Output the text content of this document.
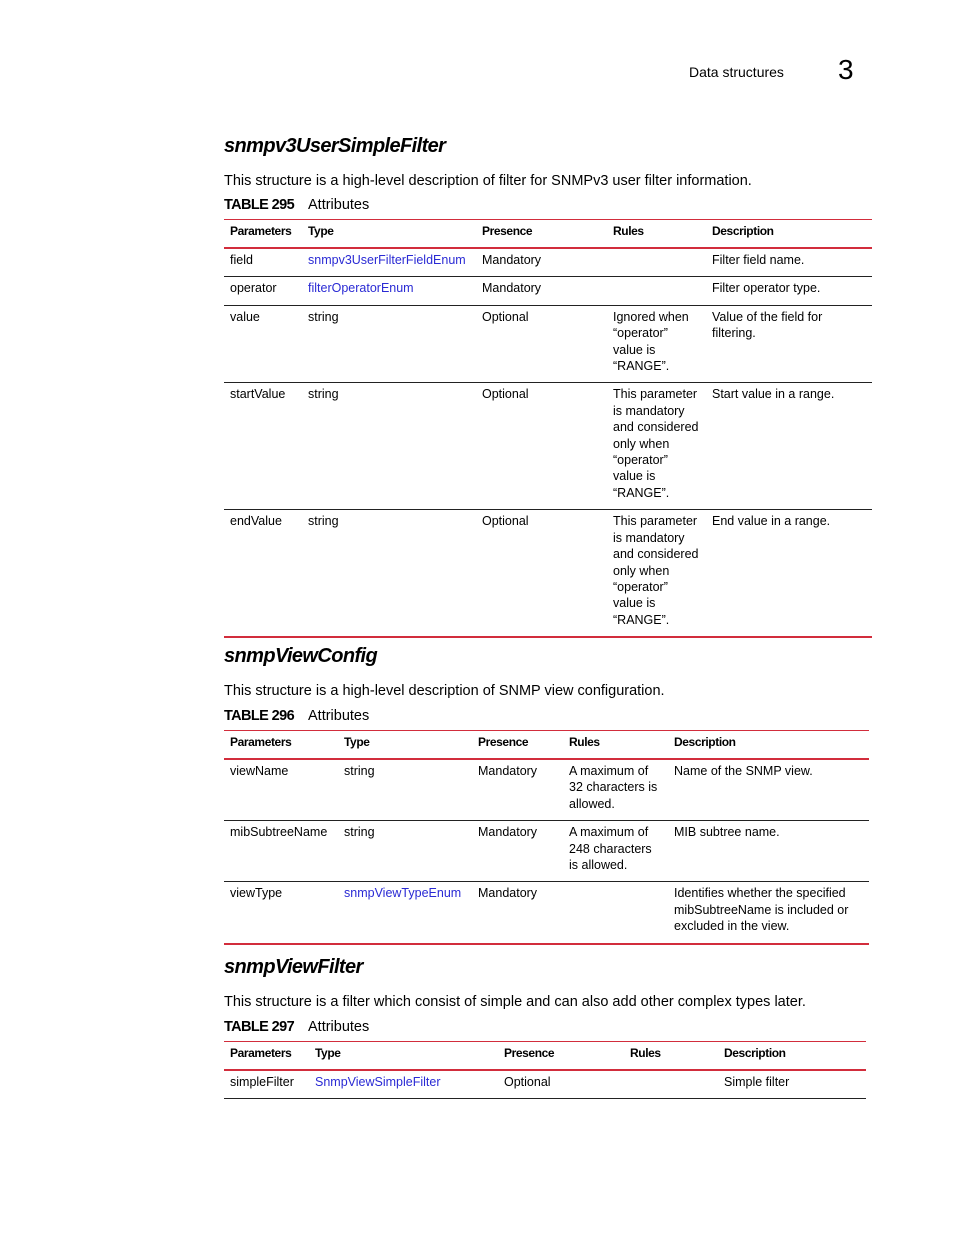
Data structures 3
snmpv3UserSimpleFilter

This structure is a high-level description of filter for SNMPv3 user filter information.

TABLE 295 Attributes
Parameters	Type	Presence	Rules	Description
field	snmpv3UserFilterFieldEnum	Mandatory		Filter field name.
operator	filterOperatorEnum	Mandatory		Filter operator type.
value	string	Optional	Ignored when “operator” value is “RANGE”.	Value of the field for filtering.
startValue	string	Optional	This parameter is mandatory and considered only when “operator” value is “RANGE”.	Start value in a range.
endValue	string	Optional	This parameter is mandatory and considered only when “operator” value is “RANGE”.	End value in a range.
snmpViewConfig

This structure is a high-level description of SNMP view configuration.

TABLE 296 Attributes
Parameters	Type	Presence	Rules	Description
viewName	string	Mandatory	A maximum of 32 characters is allowed.	Name of the SNMP view.
mibSubtreeName	string	Mandatory	A maximum of 248 characters is allowed.	MIB subtree name.
viewType	snmpViewTypeEnum	Mandatory		Identifies whether the specified mibSubtreeName is included or excluded in the view.
snmpViewFilter

This structure is a filter which consist of simple and can also add other complex types later.

TABLE 297 Attributes
Parameters	Type	Presence	Rules	Description
simpleFilter	SnmpViewSimpleFilter	Optional		Simple filter
